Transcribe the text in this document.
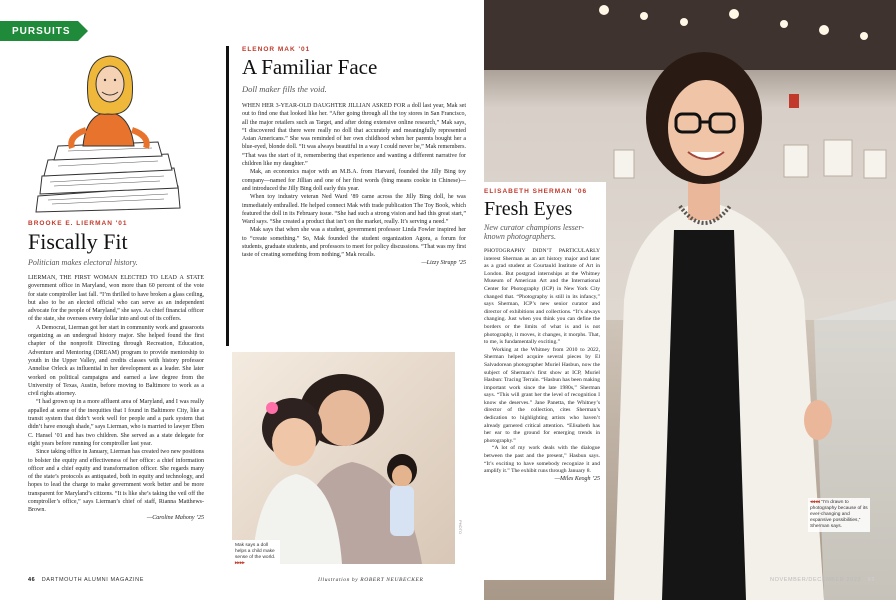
PURSUITS
BROOKE E. LIERMAN '01
Fiscally Fit
Politician makes electoral history.

LIERMAN, THE FIRST WOMAN ELECTED TO LEAD A STATE government office in Maryland, won more than 60 percent of the vote for state comptroller last fall. “I’m thrilled to have broken a glass ceiling, but also to be an elected official who can serve as an independent advocate for the people of Maryland,” she says. As chief financial officer of the state, she oversees every dollar into and out of its coffers.

A Democrat, Lierman got her start in community work and grassroots organizing as an undergrad history major. She helped found the first chapter of the nonprofit Directing through Recreation, Education, Adventure and Mentoring (DREAM) program to provide mentorship to youth in the Upper Valley, and credits classes with history professor Annelise Orleck as influential in her development as a leader. She later worked on political campaigns and earned a law degree from the University of Texas, Austin, before moving to Baltimore to work as a civil rights attorney.

“I had grown up in a more affluent area of Maryland, and I was really appalled at some of the inequities that I found in Baltimore City, like a transit system that didn’t work well for people and a park system that didn’t have enough shade,” says Lierman, who is married to lawyer Eben C. Hansel ’01 and has two children. She served as a state delegate for eight years before running for comptroller last year.

Since taking office in January, Lierman has created two new positions to bolster the equity and effectiveness of her office: a chief information officer and a chief equity and transformation officer. She regards many of the state’s protocols as antiquated, both in equity and technology, and hopes to lead the charge to make government work better and be more transparent for Maryland’s citizens. “It is like she’s taking the veil off the comptroller’s office,” says Lierman’s chief of staff, Rianna Matthews-Brown.

—Caroline Mahony ’25
ELENOR MAK '01
A Familiar Face
Doll maker fills the void.

WHEN HER 3-YEAR-OLD DAUGHTER JILLIAN ASKED FOR a doll last year, Mak set out to find one that looked like her. “After going through all the toy stores in San Francisco, all the major retailers such as Target, and after doing extensive online research,” Mak says, “I discovered that there were really no doll that accurately and meaningfully represented Asian Americans.” She was reminded of her own childhood when her parents bought her a blue-eyed, blonde doll. “It was always beautiful in a way I could never be,” Mak remembers. “That was the start of it, remembering that experience and wanting a different narrative for children like my daughter.”

Mak, an economics major with an M.B.A. from Harvard, founded the Jilly Bing toy company—named for Jillian and one of her first words (bing means cookie in Chinese)—and introduced the Jilly Bing doll early this year.

When toy industry veteran Ned Ward ’89 came across the Jilly Bing doll, he was immediately enthralled. He helped connect Mak with trade publication The Toy Book, which featured the doll in its February issue. “She had such a strong vision and had this great start,” Ward says. “She created a product that isn’t on the market, really. It’s serving a need.”

Mak says that when she was a student, government professor Linda Fowler inspired her to “create something.” So, Mak founded the student organization Agora, a forum for students, graduate students, and professors to meet for policy discussions. “That was my first taste of creating something from nothing,” Mak recalls.

—Lizzy Strapp ’25
Mak says a doll helps a child make sense of the world.
▸▸▸▸
PHOTO
ELISABETH SHERMAN '06
Fresh Eyes
New curator champions lesser-known photographers.

PHOTOGRAPHY DIDN’T PARTICULARLY interest Sherman as an art history major and later as a grad student at Courtauld Institute of Art in London. But postgrad internships at the Whitney Museum of American Art and the International Center for Photography (ICP) in New York City changed that. “Photography is still in its infancy,” says Sherman, ICP’s new senior curator and director of exhibitions and collections. “It’s always changing. Just when you think you can define the borders or the limits of what is and is not photography, it moves, it changes, it morphs. That, to me, is fundamentally exciting.”

Working at the Whitney from 2010 to 2022, Sherman helped acquire several pieces by El Salvadorean photographer Muriel Hasbun, now the subject of Sherman’s first show at ICP, Muriel Hasbun: Tracing Terrain. “Hasbun has been making important work since the late 1980s,” Sherman says. “This will grant her the level of recognition I know she deserves.” Jane Panetta, the Whitney’s director of the collection, cites Sherman’s dedication to highlighting artists who haven’t already garnered critical attention. “Elisabeth has her ear to the ground for emerging trends in photography.”

“A lot of my work deals with the dialogue between the past and the present,” Hasbun says. “It’s exciting to have somebody recognize it and amplify it.” The exhibit runs through January 8.

—Miles Keogh ’25
◂◂◂◂ “I’m drawn to photography because of its ever-changing and expansive possibilities,” Sherman says.
46 DARTMOUTH ALUMNI MAGAZINE	Illustration by ROBERT NEUBECKER	NOVEMBER/DECEMBER 2023 93
